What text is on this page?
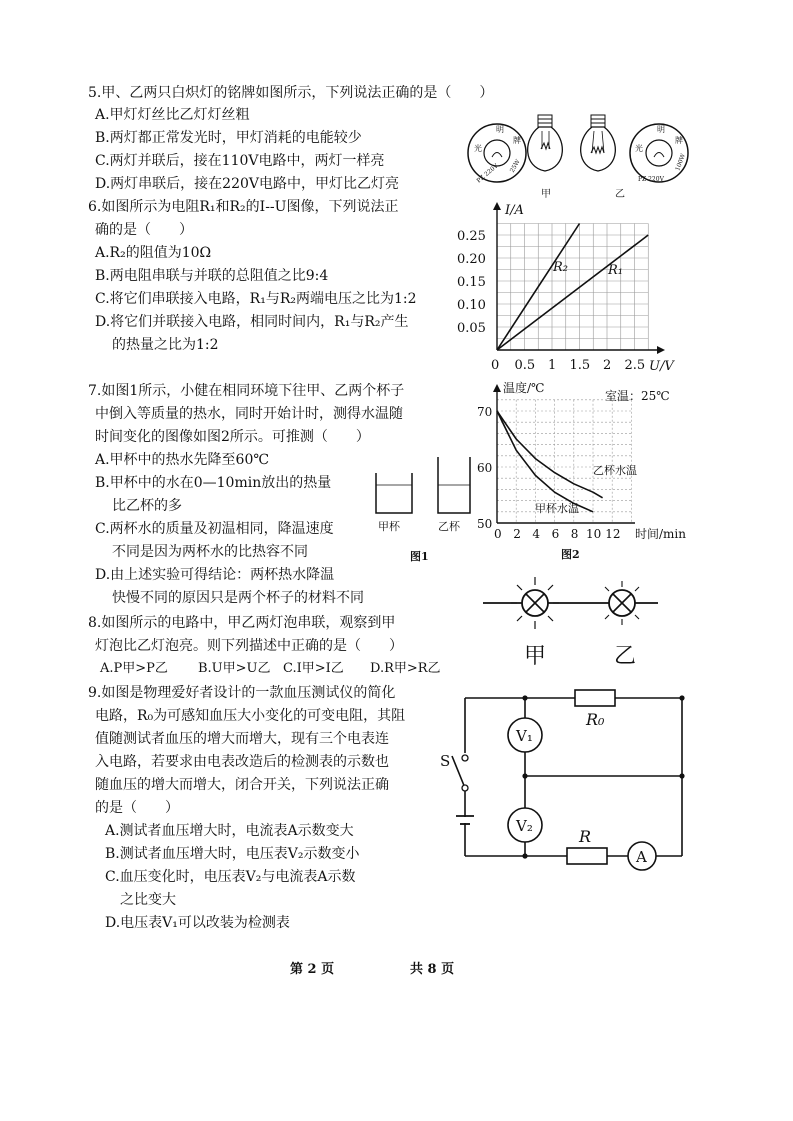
5.甲、乙两只白炽灯的铭牌如图所示，下列说法正确的是（　　）
A.甲灯灯丝比乙灯灯丝粗
B.两灯都正常发光时，甲灯消耗的电能较少
C.两灯并联后，接在110V电路中，两灯一样亮
D.两灯串联后，接在220V电路中，甲灯比乙灯亮
明
光
牌
PZ 220V 25W
甲	乙
明
光
牌
PZ 220V
100W
6.如图所示为电阻R₁和R₂的I--U图像，下列说法正
确的是（　　）
A.R₂的阻值为10Ω
B.两电阻串联与并联的总阻值之比9:4
C.将它们串联接入电路，R₁与R₂两端电压之比为1:2
D.将它们并联接入电路，相同时间内，R₁与R₂产生
的热量之比为1:2
I/A
U/V
0
0.25
0.20
0.15
0.10
0.05
0.5 1 1.5 2 2.5
R₂	R₁
7.如图1所示，小健在相同环境下往甲、乙两个杯子
中倒入等质量的热水，同时开始计时，测得水温随
时间变化的图像如图2所示。可推测（　　）
A.甲杯中的热水先降至60℃
B.甲杯中的水在0—10min放出的热量
比乙杯的多
C.两杯水的质量及初温相同，降温速度
不同是因为两杯水的比热容不同
D.由上述实验可得结论：两杯热水降温
快慢不同的原因只是两个杯子的材料不同
甲杯	乙杯
图1
温度/℃
室温：25℃
时间/min
70
60
50
0 2 4 6 8 10 12
乙杯水温
甲杯水温
图2
8.如图所示的电路中，甲乙两灯泡串联，观察到甲
灯泡比乙灯泡亮。则下列描述中正确的是（　　）
A.P甲>P乙 B.U甲>U乙 C.I甲>I乙 D.R甲>R乙	甲	乙
9.如图是物理爱好者设计的一款血压测试仪的简化
电路，R₀为可感知血压大小变化的可变电阻，其阻
值随测试者血压的增大而增大，现有三个电表连
入电路，若要求由电表改造后的检测表的示数也
随血压的增大而增大，闭合开关，下列说法正确
的是（　　）
A.测试者血压增大时，电流表A示数变大
B.测试者血压增大时，电压表V₂示数变小
C.血压变化时，电压表V₂与电流表A示数
之比变大
D.电压表V₁可以改装为检测表
V₁
V₂
A
R₀
R
S
第 2 页	共 8 页
